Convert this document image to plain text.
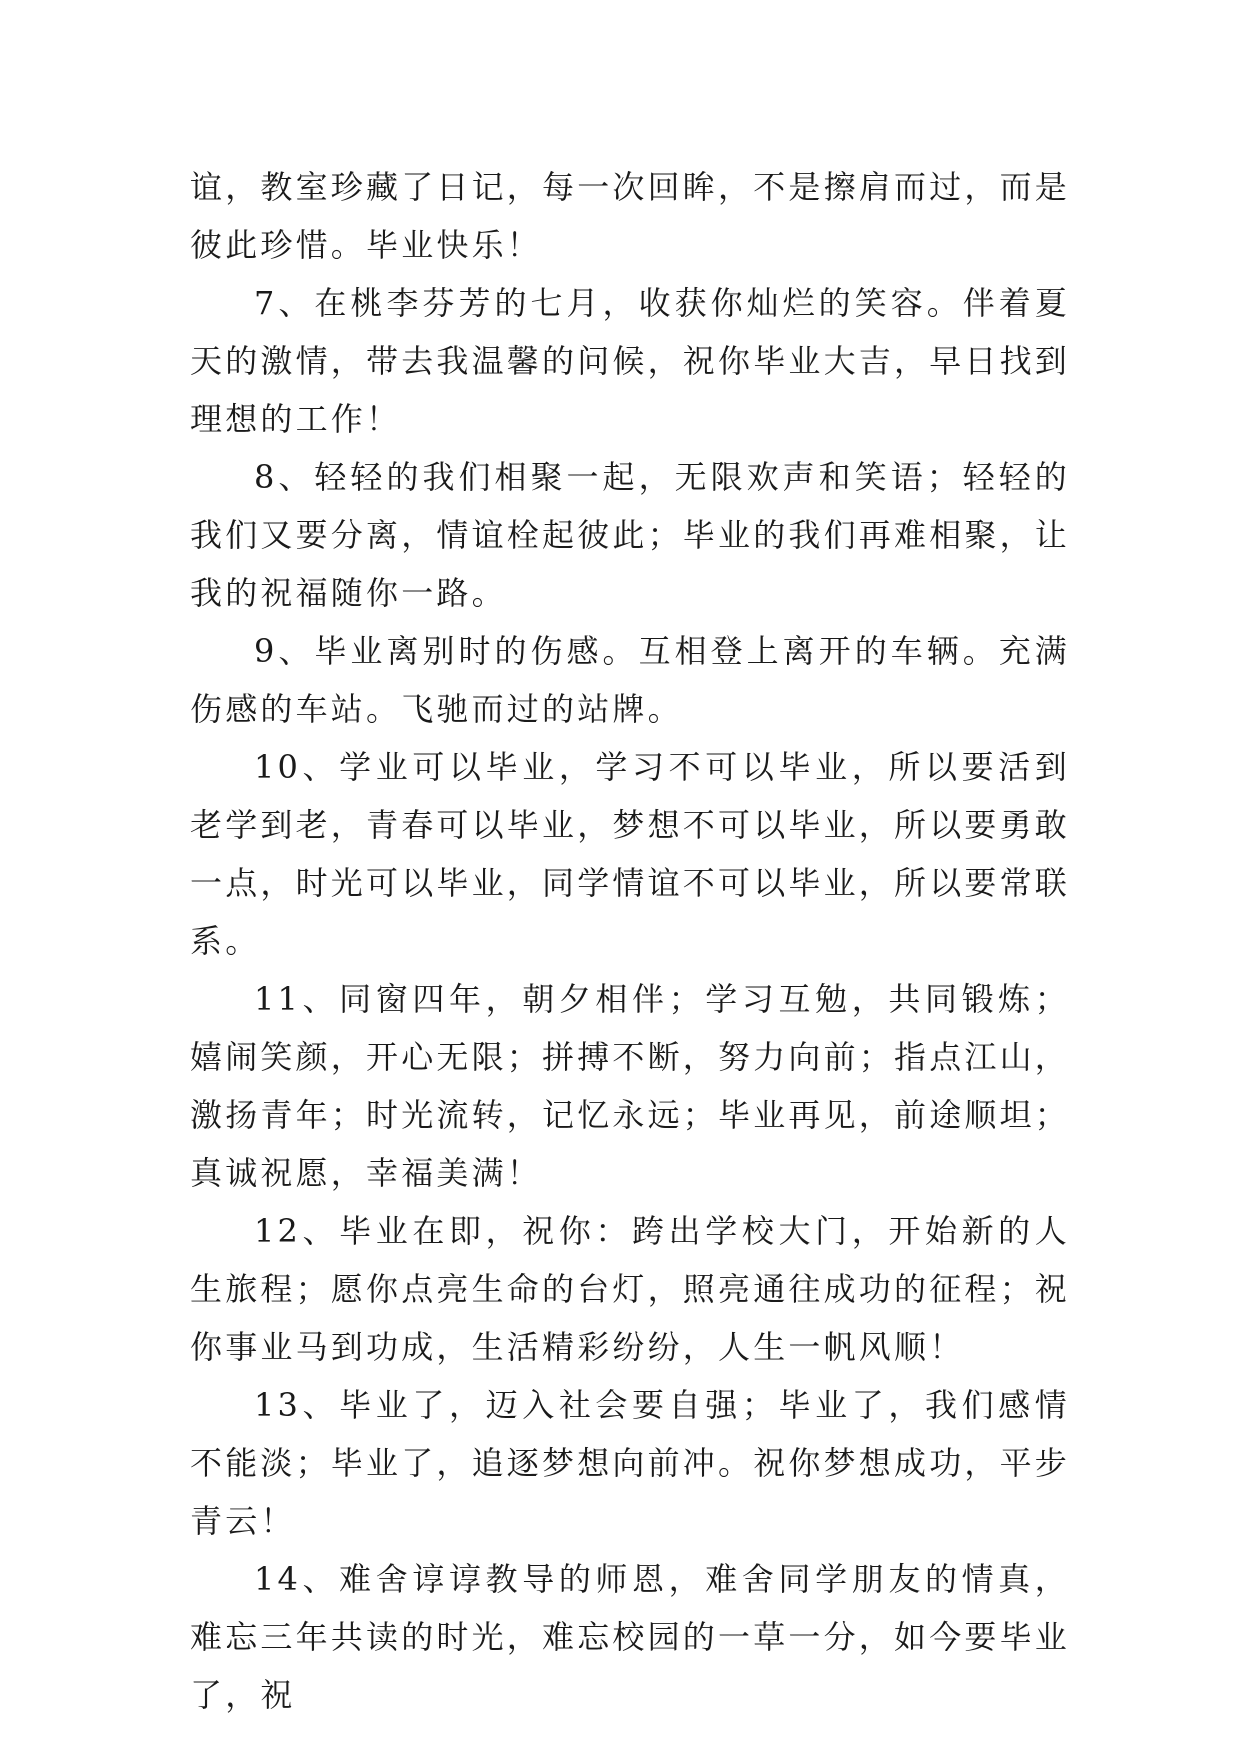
谊，教室珍藏了日记，每一次回眸，不是擦肩而过，而是彼此珍惜。毕业快乐！

7、在桃李芬芳的七月，收获你灿烂的笑容。伴着夏天的激情，带去我温馨的问候，祝你毕业大吉，早日找到理想的工作！

8、轻轻的我们相聚一起，无限欢声和笑语；轻轻的我们又要分离，情谊栓起彼此；毕业的我们再难相聚，让我的祝福随你一路。

9、毕业离别时的伤感。互相登上离开的车辆。充满伤感的车站。飞驰而过的站牌。

10、学业可以毕业，学习不可以毕业，所以要活到老学到老，青春可以毕业，梦想不可以毕业，所以要勇敢一点，时光可以毕业，同学情谊不可以毕业，所以要常联系。

11、同窗四年，朝夕相伴；学习互勉，共同锻炼；嬉闹笑颜，开心无限；拼搏不断，努力向前；指点江山，激扬青年；时光流转，记忆永远；毕业再见，前途顺坦；真诚祝愿，幸福美满！

12、毕业在即，祝你：跨出学校大门，开始新的人生旅程；愿你点亮生命的台灯，照亮通往成功的征程；祝你事业马到功成，生活精彩纷纷，人生一帆风顺！

13、毕业了，迈入社会要自强；毕业了，我们感情不能淡；毕业了，追逐梦想向前冲。祝你梦想成功，平步青云！

14、难舍谆谆教导的师恩，难舍同学朋友的情真，难忘三年共读的时光，难忘校园的一草一分，如今要毕业了，祝
